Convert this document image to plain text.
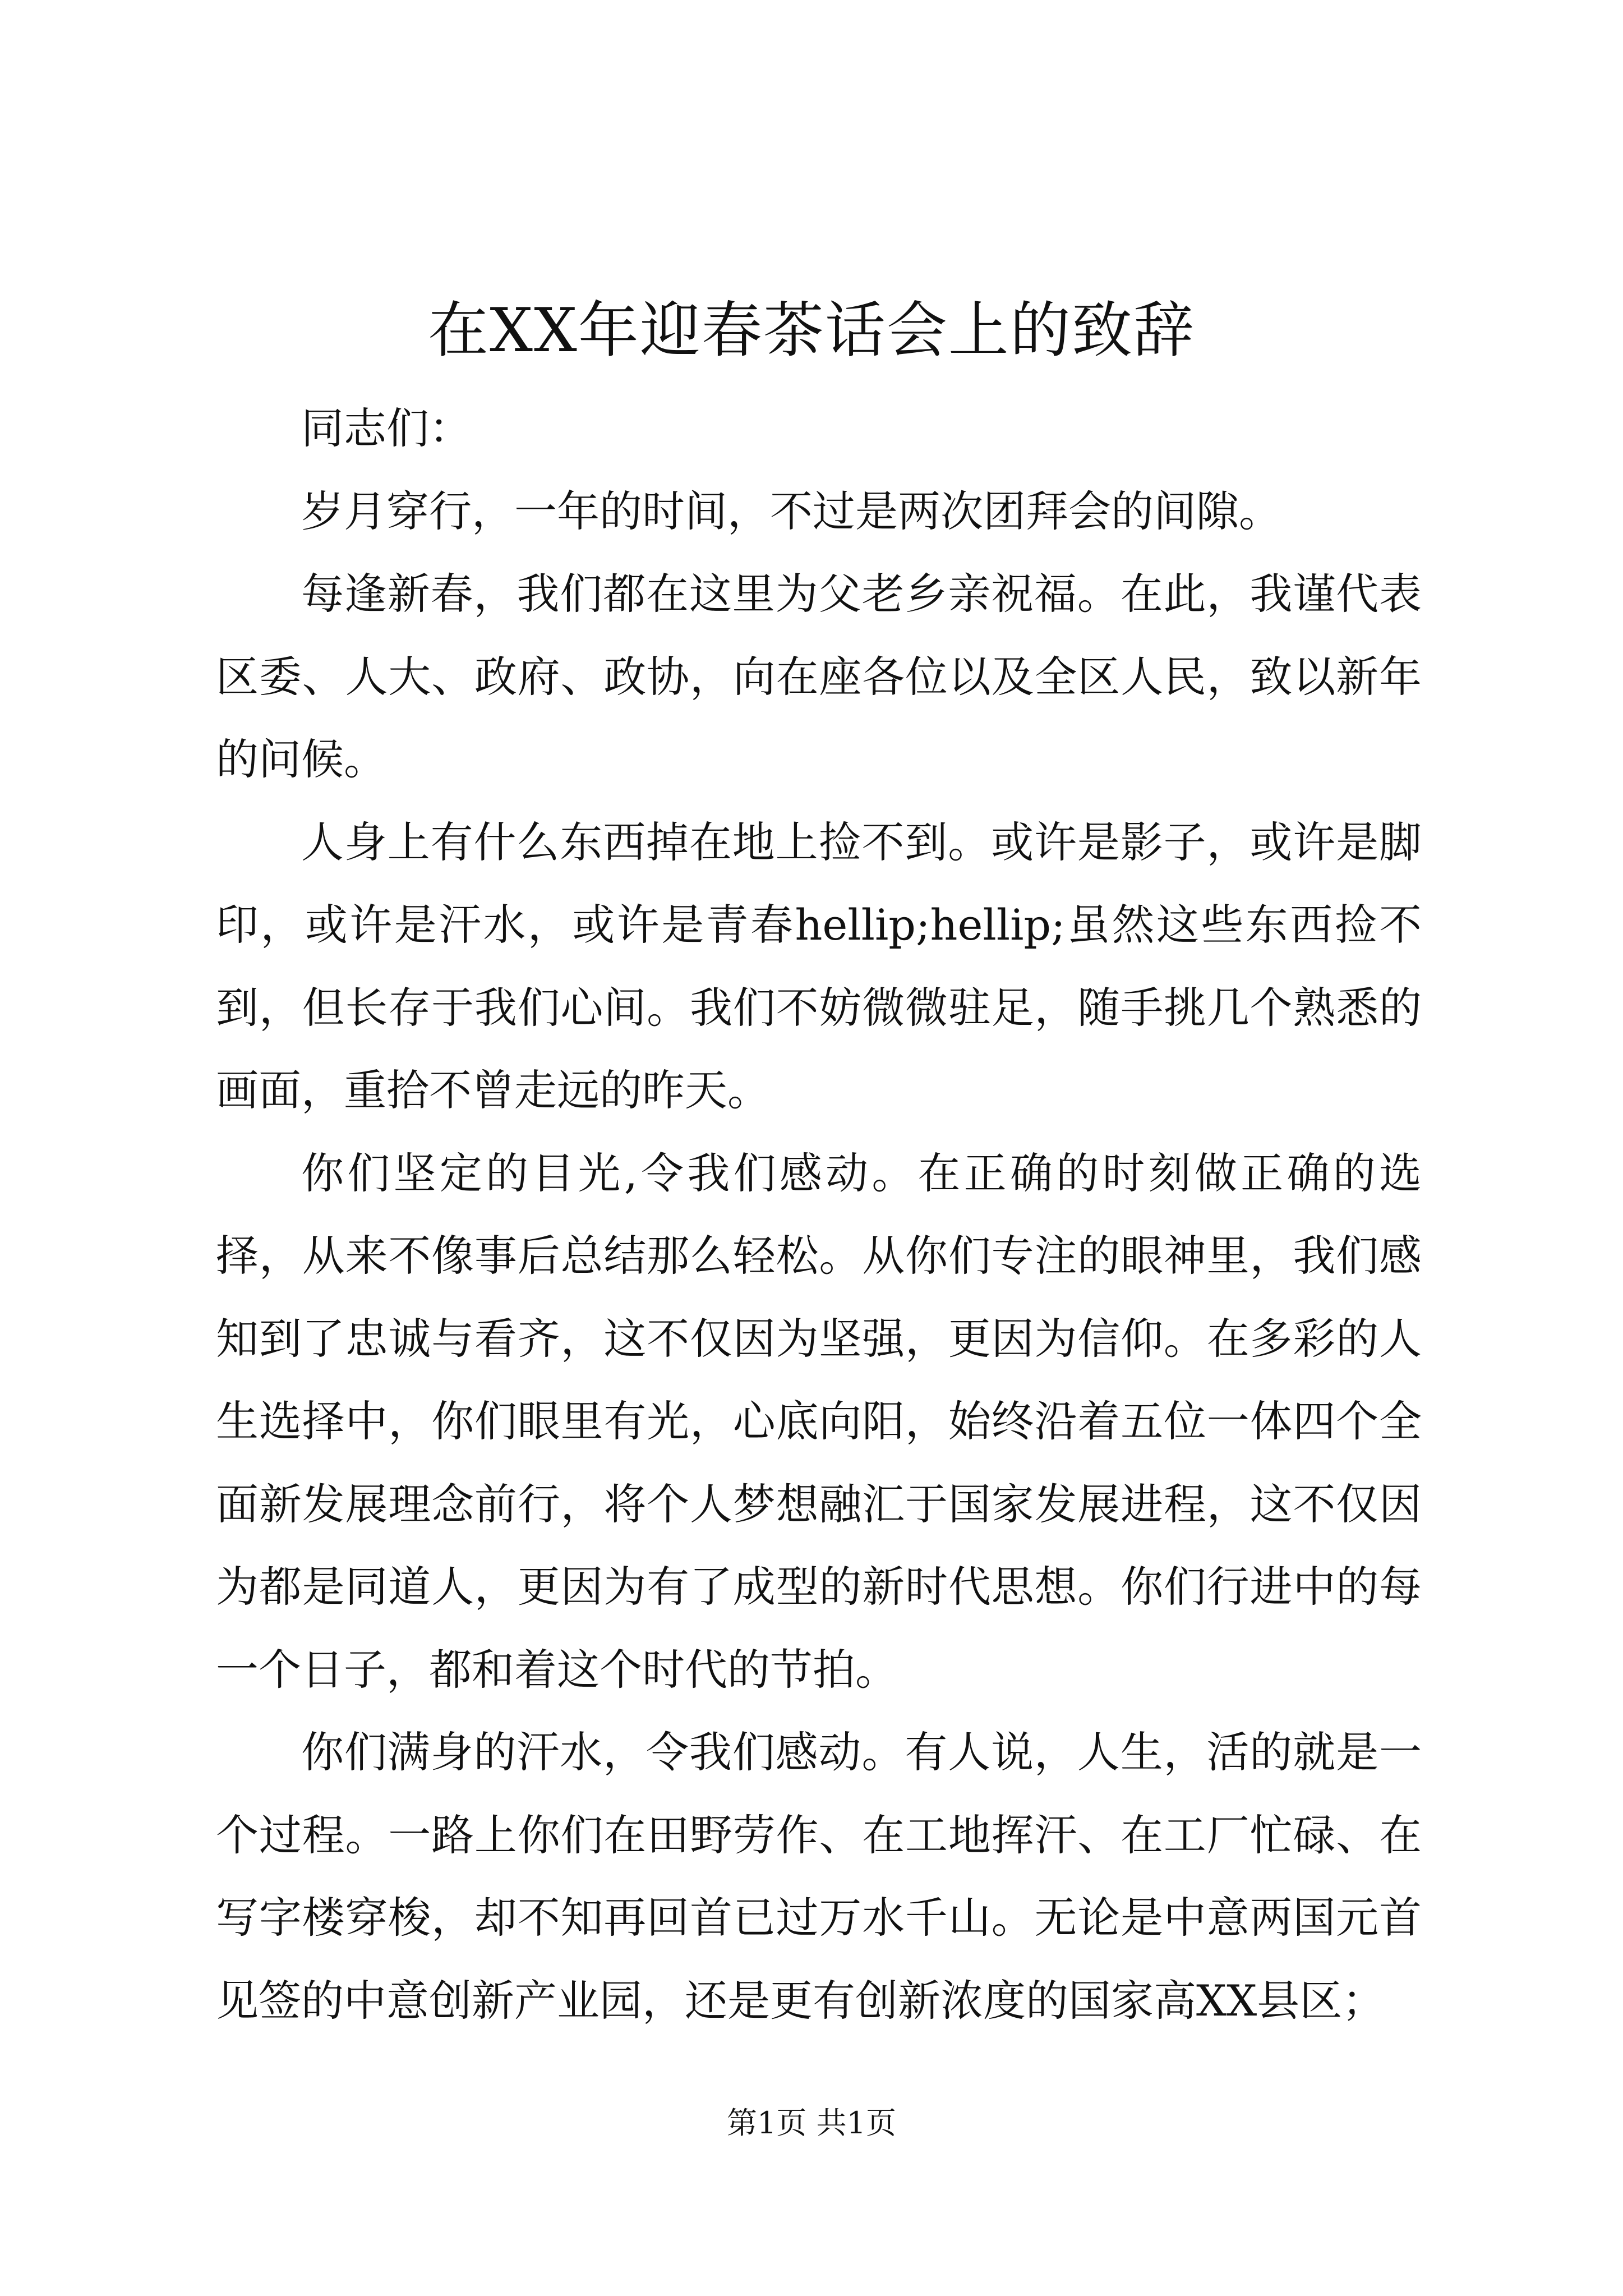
在XX年迎春茶话会上的致辞

同志们：

岁月穿行，一年的时间，不过是两次团拜会的间隙。

每逢新春，我们都在这里为父老乡亲祝福。在此，我谨代表区委、人大、政府、政协，向在座各位以及全区人民，致以新年的问候。

人身上有什么东西掉在地上捡不到。或许是影子，或许是脚印，或许是汗水，或许是青春hellip;hellip;虽然这些东西捡不到，但长存于我们心间。我们不妨微微驻足，随手挑几个熟悉的画面，重拾不曾走远的昨天。

你们坚定的目光,令我们感动。在正确的时刻做正确的选择，从来不像事后总结那么轻松。从你们专注的眼神里，我们感知到了忠诚与看齐，这不仅因为坚强，更因为信仰。在多彩的人生选择中，你们眼里有光，心底向阳，始终沿着五位一体四个全面新发展理念前行，将个人梦想融汇于国家发展进程，这不仅因为都是同道人，更因为有了成型的新时代思想。你们行进中的每一个日子，都和着这个时代的节拍。

你们满身的汗水，令我们感动。有人说，人生，活的就是一个过程。一路上你们在田野劳作、在工地挥汗、在工厂忙碌、在写字楼穿梭，却不知再回首已过万水千山。无论是中意两国元首见签的中意创新产业园，还是更有创新浓度的国家高XX县区；

第1页 共1页
